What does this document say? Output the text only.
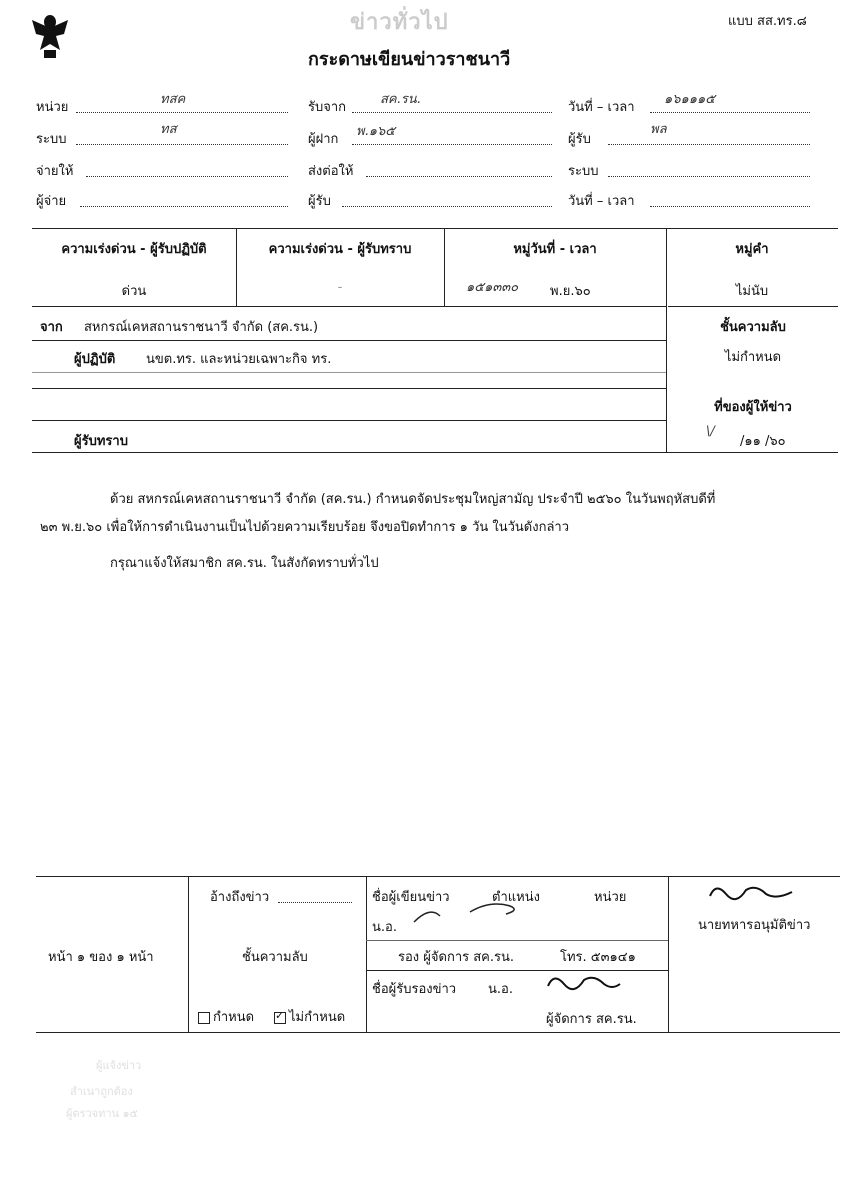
ข่าวทั่วไป	แบบ สส.ทร.๘
กระดาษเขียนข่าวราชนาวี
หน่วย
ทสค
รับจาก
สค.รน.
วันที่ – เวลา
๑๖๑๑๑๕
ระบบ
ทส
ผู้ฝาก
พ.๑๖๕
ผู้รับ
พล
จ่ายให้	ส่งต่อให้	ระบบ
ผู้จ่าย	ผู้รับ	วันที่ – เวลา
ความเร่งด่วน - ผู้รับปฏิบัติ
ด่วน
ความเร่งด่วน - ผู้รับทราบ
-
หมู่วันที่ - เวลา
๑๕๑๓๓๐ พ.ย.๖๐
หมู่คำ
ไม่นับ
จาก สหกรณ์เคหสถานราชนาวี จำกัด (สค.รน.)
ผู้ปฏิบัติ นขต.ทร. และหน่วยเฉพาะกิจ ทร.
ผู้รับทราบ
ชั้นความลับ
ไม่กำหนด
ที่ของผู้ให้ข่าว
\/
/๑๑ /๖๐
ด้วย สหกรณ์เคหสถานราชนาวี จำกัด (สค.รน.) กำหนดจัดประชุมใหญ่สามัญ ประจำปี ๒๕๖๐ ในวันพฤหัสบดีที่
๒๓ พ.ย.๖๐ เพื่อให้การดำเนินงานเป็นไปด้วยความเรียบร้อย จึงขอปิดทำการ ๑ วัน ในวันดังกล่าว
กรุณาแจ้งให้สมาชิก สค.รน. ในสังกัดทราบทั่วไป
หน้า ๑ ของ ๑ หน้า
อ้างถึงข่าว
ชั้นความลับ
กำหนด
✓	ไม่กำหนด
ชื่อผู้เขียนข่าว	ตำแหน่ง	หน่วย
น.อ.
รอง ผู้จัดการ สค.รน.	โทร. ๕๓๑๔๑
ชื่อผู้รับรองข่าว น.อ.
ผู้จัดการ สค.รน.
นายทหารอนุมัติข่าว
ผู้แจ้งข่าว
สำเนาถูกต้อง
ผู้ตรวจทาน ๑๕
